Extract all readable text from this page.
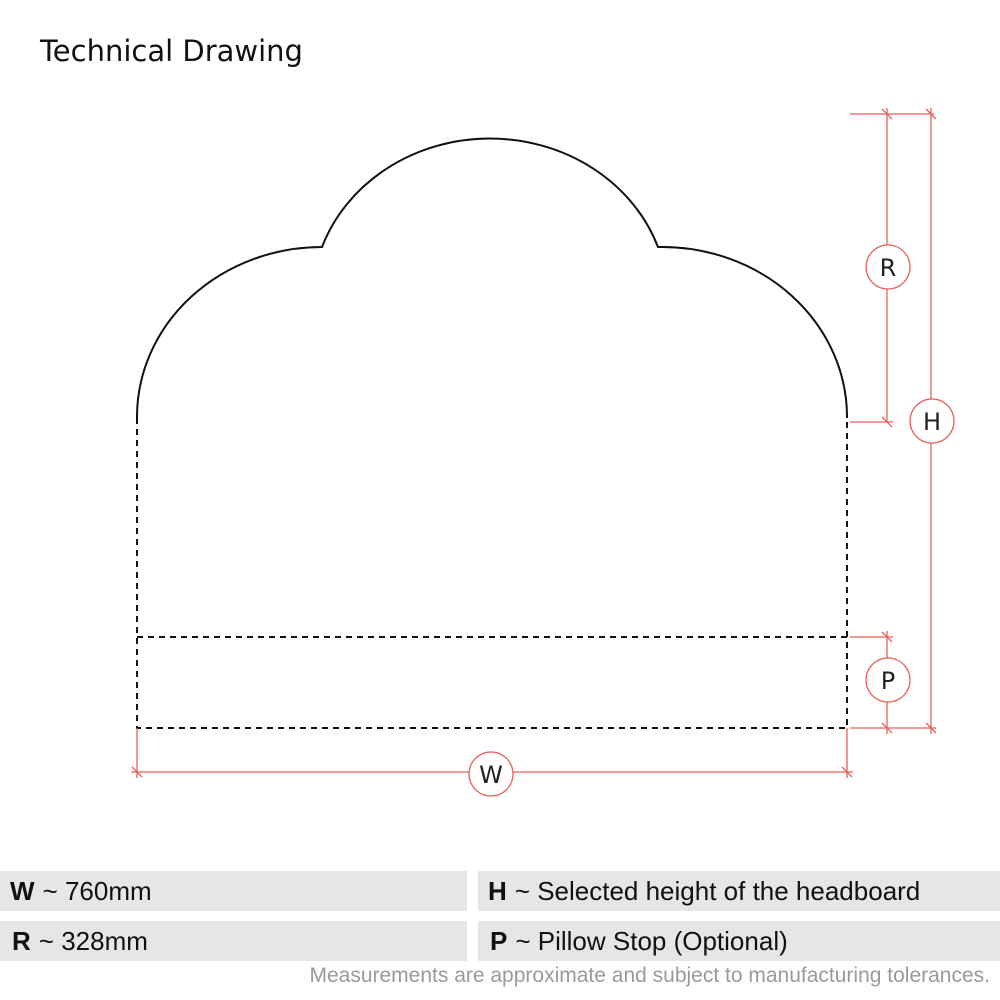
Technical Drawing
R
H
P
W
W ~ 760mm	H ~ Selected height of the headboard
R ~ 328mm	P ~ Pillow Stop (Optional)
Measurements are approximate and subject to manufacturing tolerances.
